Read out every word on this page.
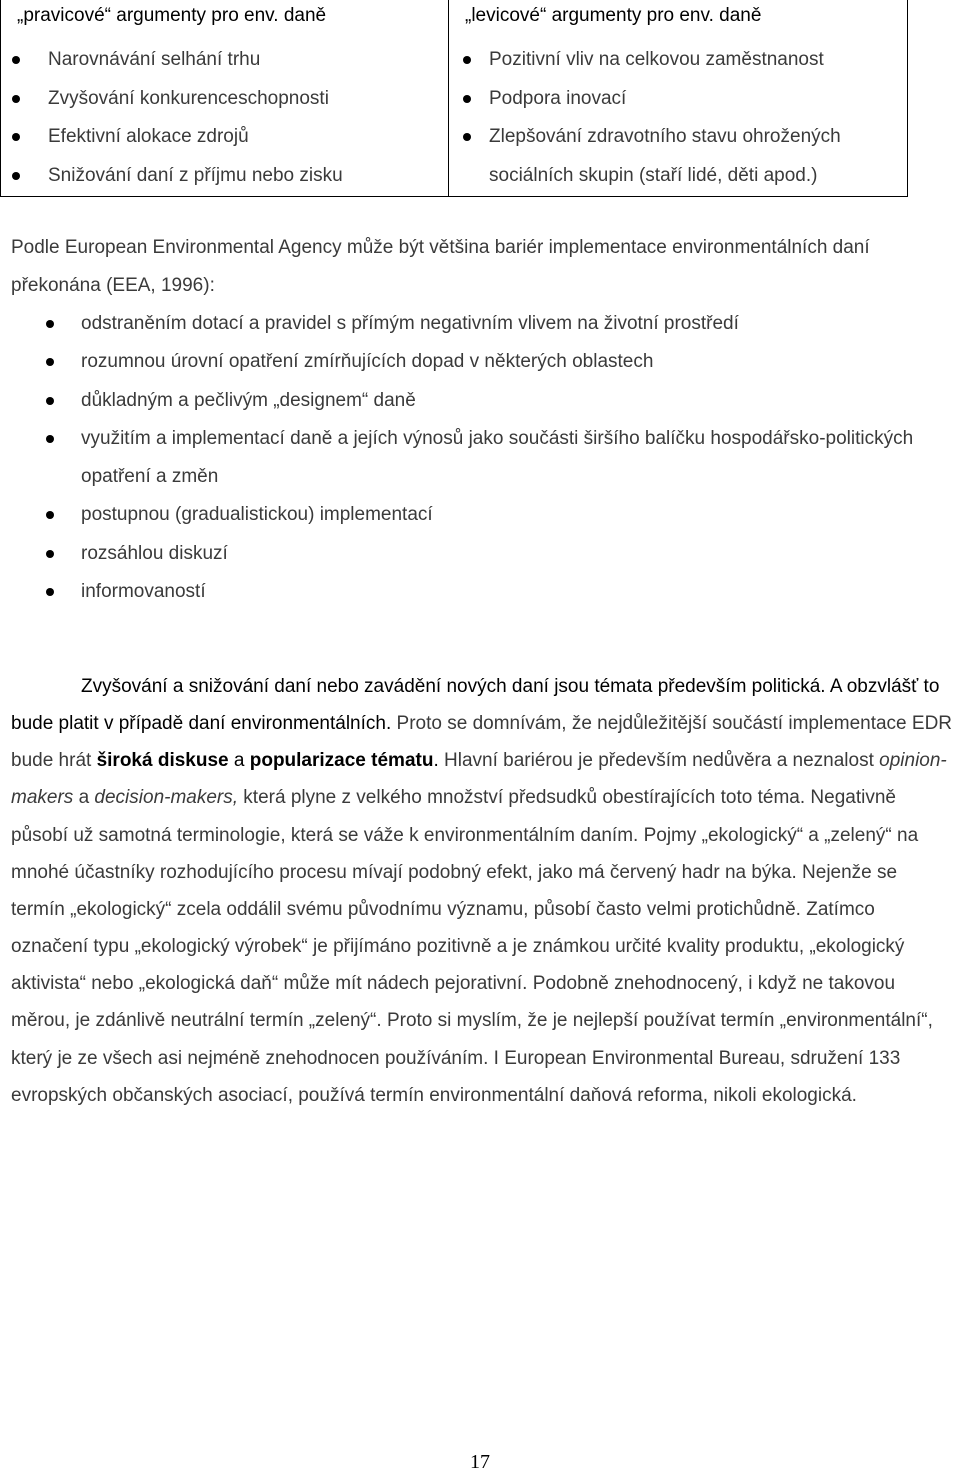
„pravicové“ argumenty pro env. daně
Narovnávání selhání trhu
Zvyšování konkurenceschopnosti
Efektivní alokace zdrojů
Snižování daní z příjmu nebo zisku
„levicové“ argumenty pro env. daně
Pozitivní vliv na celkovou zaměstnanost
Podpora inovací
Zlepšování zdravotního stavu ohrožených sociálních skupin (staří lidé, děti apod.)
Podle European Environmental Agency může být většina bariér implementace environmentálních daní překonána (EEA, 1996):
odstraněním dotací a pravidel s přímým negativním vlivem na životní prostředí
rozumnou úrovní opatření zmírňujících dopad v některých oblastech
důkladným a pečlivým „designem“ daně
využitím a implementací daně a jejích výnosů jako součásti širšího balíčku hospodářsko-politických opatření a změn
postupnou (gradualistickou) implementací
rozsáhlou diskuzí
informovaností

Zvyšování a snižování daní nebo zavádění nových daní jsou témata především politická. A obzvlášť to bude platit v případě daní environmentálních. Proto se domnívám, že nejdůležitější součástí implementace EDR bude hrát široká diskuse a popularizace tématu. Hlavní bariérou je především nedůvěra a neznalost opinion-makers a decision-makers, která plyne z velkého množství předsudků obestírajících toto téma. Negativně působí už samotná terminologie, která se váže k environmentálním daním. Pojmy „ekologický“ a „zelený“ na mnohé účastníky rozhodujícího procesu mívají podobný efekt, jako má červený hadr na býka. Nejenže se termín „ekologický“ zcela oddálil svému původnímu významu, působí často velmi protichůdně. Zatímco označení typu „ekologický výrobek“ je přijímáno pozitivně a je známkou určité kvality produktu, „ekologický aktivista“ nebo „ekologická daň“ může mít nádech pejorativní. Podobně znehodnocený, i když ne takovou měrou, je zdánlivě neutrální termín „zelený“. Proto si myslím, že je nejlepší používat termín „environmentální“, který je ze všech asi nejméně znehodnocen používáním. I European Environmental Bureau, sdružení 133 evropských občanských asociací, používá termín environmentální daňová reforma, nikoli ekologická.

17
